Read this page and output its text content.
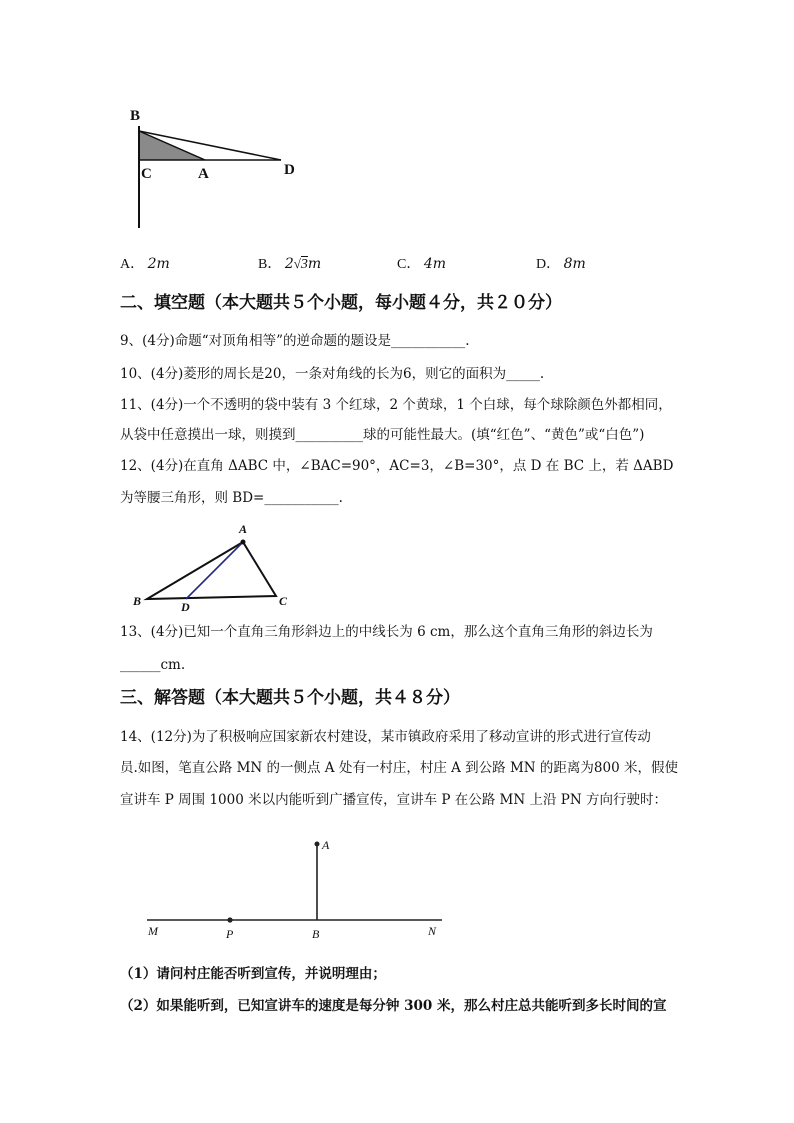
B
C	A	D
A． 2m	B． 2√3m	C． 4m	D． 8m
二、填空题（本大题共５个小题，每小题４分，共２０分）
9、(4分)命题“对顶角相等”的逆命题的题设是___________.
10、(4分)菱形的周长是20，一条对角线的长为6，则它的面积为_____.
11、(4分)一个不透明的袋中装有 3 个红球，2 个黄球，1 个白球，每个球除颜色外都相同，
从袋中任意摸出一球，则摸到__________球的可能性最大。(填“红色”、“黄色”或“白色”)
12、(4分)在直角 ΔABC 中，∠BAC=90°，AC=3，∠B=30°，点 D 在 BC 上，若 ΔABD
为等腰三角形，则 BD=___________.
A
B	D	C
13、(4分)已知一个直角三角形斜边上的中线长为 6 cm，那么这个直角三角形的斜边长为
______cm.
三、解答题（本大题共５个小题，共４８分）
14、(12分)为了积极响应国家新农村建设，某市镇政府采用了移动宣讲的形式进行宣传动
员.如图，笔直公路 MN 的一侧点 A 处有一村庄，村庄 A 到公路 MN 的距离为800 米，假使
宣讲车 P 周围 1000 米以内能听到广播宣传，宣讲车 P 在公路 MN 上沿 PN 方向行驶时：
A
M	P	B	N
（1）请问村庄能否听到宣传，并说明理由；
（2）如果能听到，已知宣讲车的速度是每分钟 300 米，那么村庄总共能听到多长时间的宣
